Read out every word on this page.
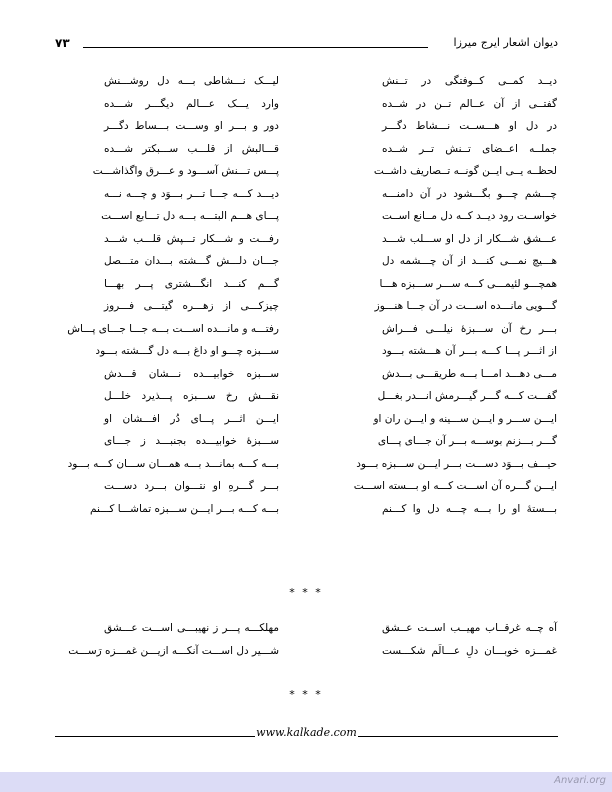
۷۳	دیوان اشعار ایرج میرزا
دیــد کمــی کــوفتگی در تــنش
گفتــی از آن عــالم تــن در شــده
در دل او هـــســت نـــشاط دگـــر
جملــه اعــضای تــنش تــر شــده
لحظــه یــی ایــن گونــه تــصاریف داشــت
چـــشم چـــو بگـــشود در آن دامنـــه
خواســت رود دیــد کــه دل مــانع اســت
عـــشق شـــکار از دل او ســـلب شـــد
هـــیچ نمـــی کنـــد از آن چـــشمه دل
همچـــو لئیمـــی کـــه ســـر ســـبزه هـــا
گـــویی مانـــده اســـت در آن جـــا هنـــوز
بـــر رخ آن ســـبزۀ نیلـــی فـــراش
از اثـــر پـــا کـــه بـــر آن هـــشته بـــود
مـــی دهـــد امـــا بـــه طریقـــی بـــدش
گفـــت کـــه گـــر گیـــرمش انـــدر بغـــل
ایـــن ســـر و ایـــن ســـینه و ایـــن ران او
گـــر بـــزنم بوســـه بـــر آن جـــای پـــای
حیـــف بـــوَد دســـت بـــر ایـــن ســـبزه بـــود
ایـــن گـــره آن اســـت کـــه او بـــسته اســـت
بـــستۀ او را بـــه چـــه دل وا کـــنم
لیـــک نـــشاطی بـــه دل روشـــنش
وارد یـــک عـــالم دیگـــر شـــده
دور و بـــر او وســـت بـــساط دگـــر
قـــالبش از قلـــب ســـبکتر شـــده
پـــس تـــنش آســـود و عـــرق واگذاشـــت
دیـــد کـــه جـــا تـــر بـــوَد و چـــه نـــه
پـــای هـــم البتـــه بـــه دل تـــابع اســـت
رفـــت و شـــکار تـــپش قلـــب شـــد
جـــان دلـــش گـــشته بـــدان متـــصل
گـــم کنـــد انگـــشتری پـــر بهـــا
چیزکـــی از زهـــره گیتـــی فـــروز
رفتـــه و مانـــده اســـت بـــه جـــا جـــای پـــاش
ســـبزه چـــو او داغ بـــه دل گـــشته بـــود
ســـبزه خوابیـــده نـــشان قـــدش
نقـــش رخ ســـبزه پـــذیرد خلـــل
ایـــن اثـــر پـــای دُر افـــشان او
ســـبزۀ خوابیـــده بجنبـــد ز جـــای
بـــه کـــه بمانـــد بـــه همـــان ســـان کـــه بـــود
بـــر گـــرهِ او نتـــوان بـــرد دســـت
بـــه کـــه بـــر ایـــن ســـبزه تماشـــا کـــنم
* * *
آه چــه غرقــاب مهیــب اســت عــشق
غمـــزه خوبـــان دلِ عـــالَم شکـــست
مهلکـــه پـــر ز نهیبـــی اســـت عـــشق
شـــیر دل اســـت آنکـــه ازیـــن غمـــزه رَســـت
* * *
www.kalkade.com
Anvari.org
